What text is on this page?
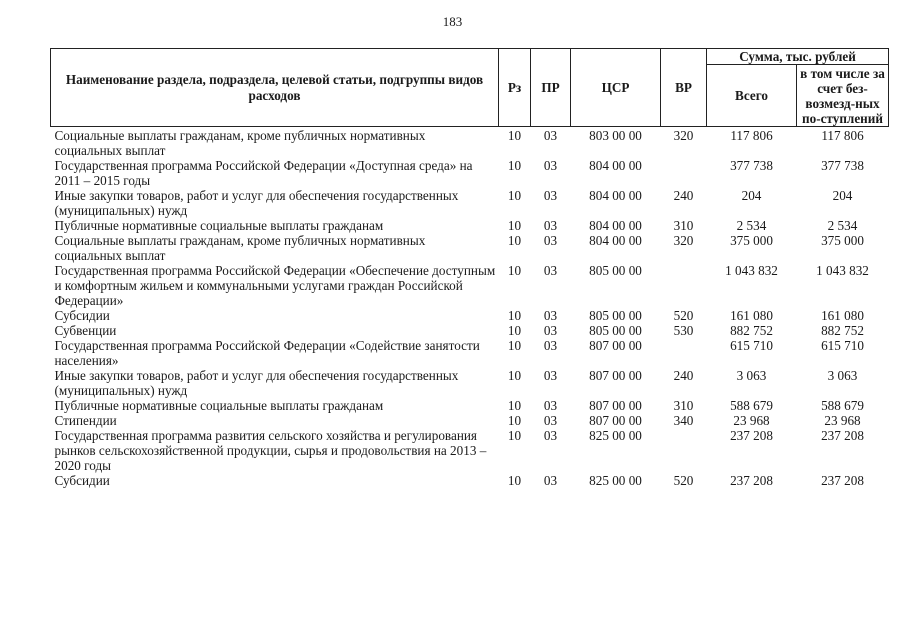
183
Наименование раздела, подраздела, целевой статьи, подгруппы видов расходов	Рз	ПР	ЦСР	ВР	Сумма, тыс. рублей	
					Всего	в том числе за счет без-возмезд-ных по-ступлений
Социальные выплаты гражданам, кроме публичных нормативных социальных выплат	10	03	803 00 00	320	117 806	117 806
Государственная программа Российской Федерации «Доступная среда» на 2011 – 2015 годы	10	03	804 00 00		377 738	377 738
Иные закупки товаров, работ и услуг для обеспечения государственных (муниципальных) нужд	10	03	804 00 00	240	204	204
Публичные нормативные социальные выплаты гражданам	10	03	804 00 00	310	2 534	2 534
Социальные выплаты гражданам, кроме публичных нормативных социальных выплат	10	03	804 00 00	320	375 000	375 000
Государственная программа Российской Федерации «Обеспечение доступным и комфортным жильем и коммунальными услугами граждан Российской Федерации»	10	03	805 00 00		1 043 832	1 043 832
Субсидии	10	03	805 00 00	520	161 080	161 080
Субвенции	10	03	805 00 00	530	882 752	882 752
Государственная программа Российской Федерации «Содействие занятости населения»	10	03	807 00 00		615 710	615 710
Иные закупки товаров, работ и услуг для обеспечения государственных (муниципальных) нужд	10	03	807 00 00	240	3 063	3 063
Публичные нормативные социальные выплаты гражданам	10	03	807 00 00	310	588 679	588 679
Стипендии	10	03	807 00 00	340	23 968	23 968
Государственная программа развития сельского хозяйства и регулирования рынков сельскохозяйственной продукции, сырья и продовольствия на 2013 – 2020 годы	10	03	825 00 00		237 208	237 208
Субсидии	10	03	825 00 00	520	237 208	237 208
